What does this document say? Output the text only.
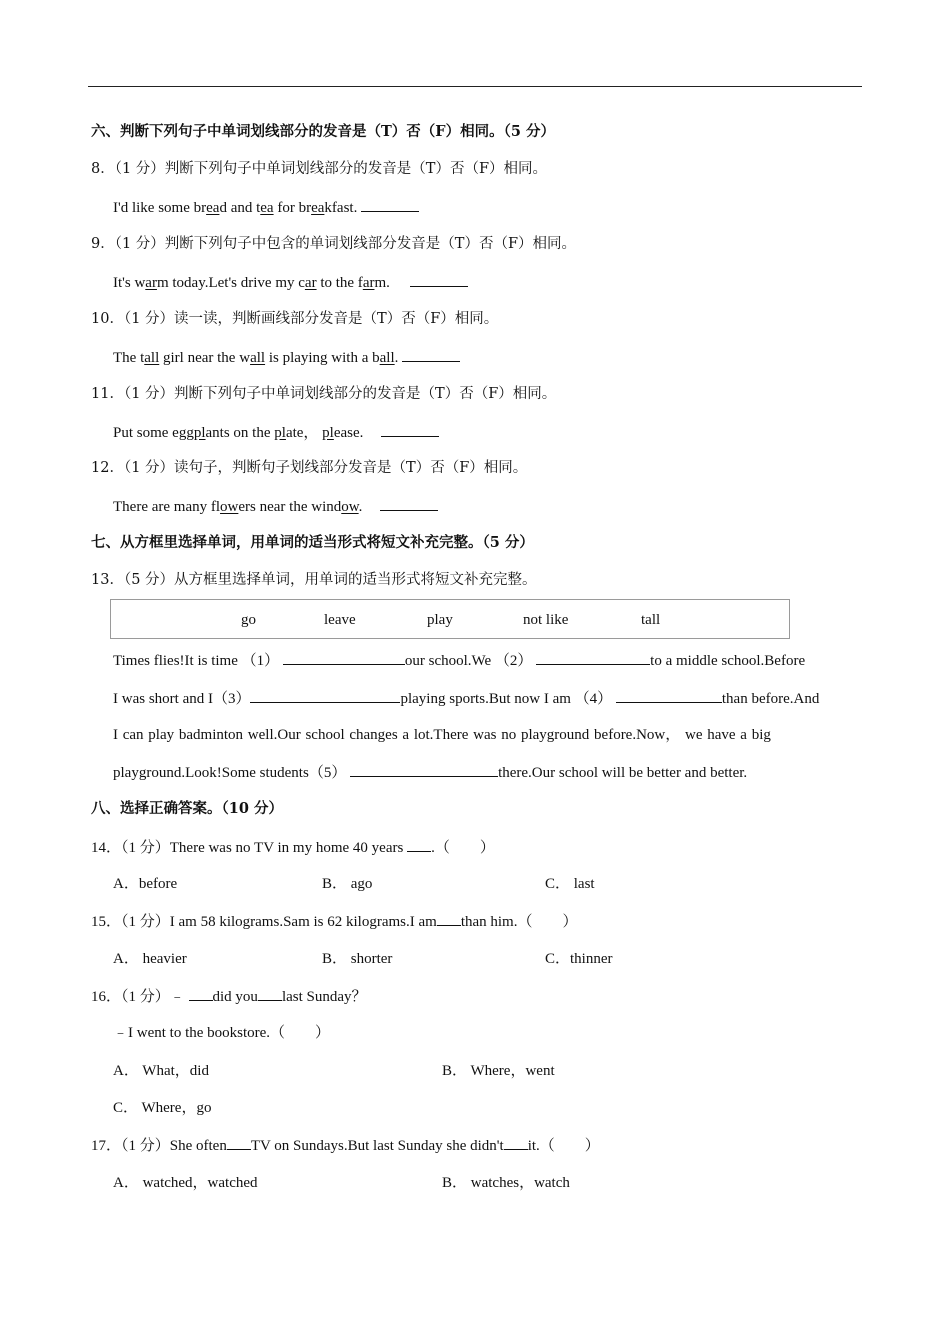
六、判断下列句子中单词划线部分的发音是（T）否（F）相同。（5 分）
8．（1 分）判断下列句子中单词划线部分的发音是（T）否（F）相同。
I'd like some bread and tea for breakfast.
9．（1 分）判断下列句子中包含的单词划线部分发音是（T）否（F）相同。
It's warm today.Let's drive my car to the farm.
10．（1 分）读一读，判断画线部分发音是（T）否（F）相同。
The tall girl near the wall is playing with a ball.
11．（1 分）判断下列句子中单词划线部分的发音是（T）否（F）相同。
Put some eggplants on the plate， please.
12．（1 分）读句子，判断句子划线部分发音是（T）否（F）相同。
There are many flowers near the window.
七、从方框里选择单词，用单词的适当形式将短文补充完整。（5 分）
13．（5 分）从方框里选择单词，用单词的适当形式将短文补充完整。
go	leave	play	not like	tall
Times flies!It is time （1）	our school.We （2）	to a middle school.Before
I was short and I（3）	playing sports.But now I am （4）	than before.And
I can play badminton well.Our school changes a lot.There was no playground before.Now， we have a big
playground.Look!Some students（5）	there.Our school will be better and better.
八、选择正确答案。（10 分）
14．（1 分）There was no TV in my home 40 years .（　　）
A．before	B． ago	C． last
15．（1 分）I am 58 kilograms.Sam is 62 kilograms.I am than him.（　　）
A． heavier	B． shorter	C．thinner
16．（1 分）﹣ did you last Sunday？
﹣I went to the bookstore.（　　）
A． What，did	B． Where，went
C． Where，go
17．（1 分）She often TV on Sundays.But last Sunday she didn't it.（　　）
A． watched，watched	B． watches，watch
